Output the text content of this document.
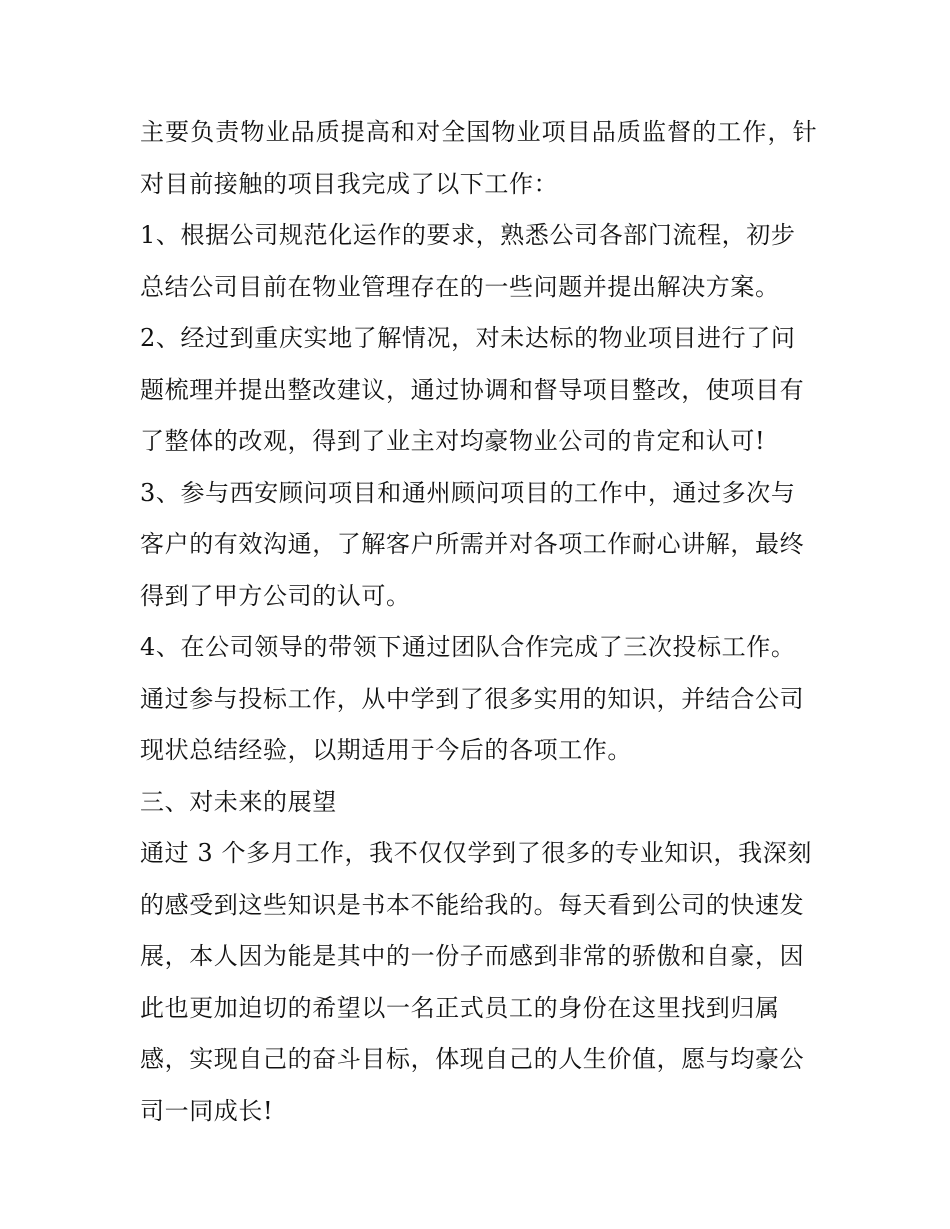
主要负责物业品质提高和对全国物业项目品质监督的工作，针
对目前接触的项目我完成了以下工作：
1、根据公司规范化运作的要求，熟悉公司各部门流程，初步
总结公司目前在物业管理存在的一些问题并提出解决方案。
2、经过到重庆实地了解情况，对未达标的物业项目进行了问
题梳理并提出整改建议，通过协调和督导项目整改，使项目有
了整体的改观，得到了业主对均豪物业公司的肯定和认可!
3、参与西安顾问项目和通州顾问项目的工作中，通过多次与
客户的有效沟通，了解客户所需并对各项工作耐心讲解，最终
得到了甲方公司的认可。
4、在公司领导的带领下通过团队合作完成了三次投标工作。
通过参与投标工作，从中学到了很多实用的知识，并结合公司
现状总结经验，以期适用于今后的各项工作。
三、对未来的展望
通过 3 个多月工作，我不仅仅学到了很多的专业知识，我深刻
的感受到这些知识是书本不能给我的。每天看到公司的快速发
展，本人因为能是其中的一份子而感到非常的骄傲和自豪，因
此也更加迫切的希望以一名正式员工的身份在这里找到归属
感，实现自己的奋斗目标，体现自己的人生价值，愿与均豪公
司一同成长!
